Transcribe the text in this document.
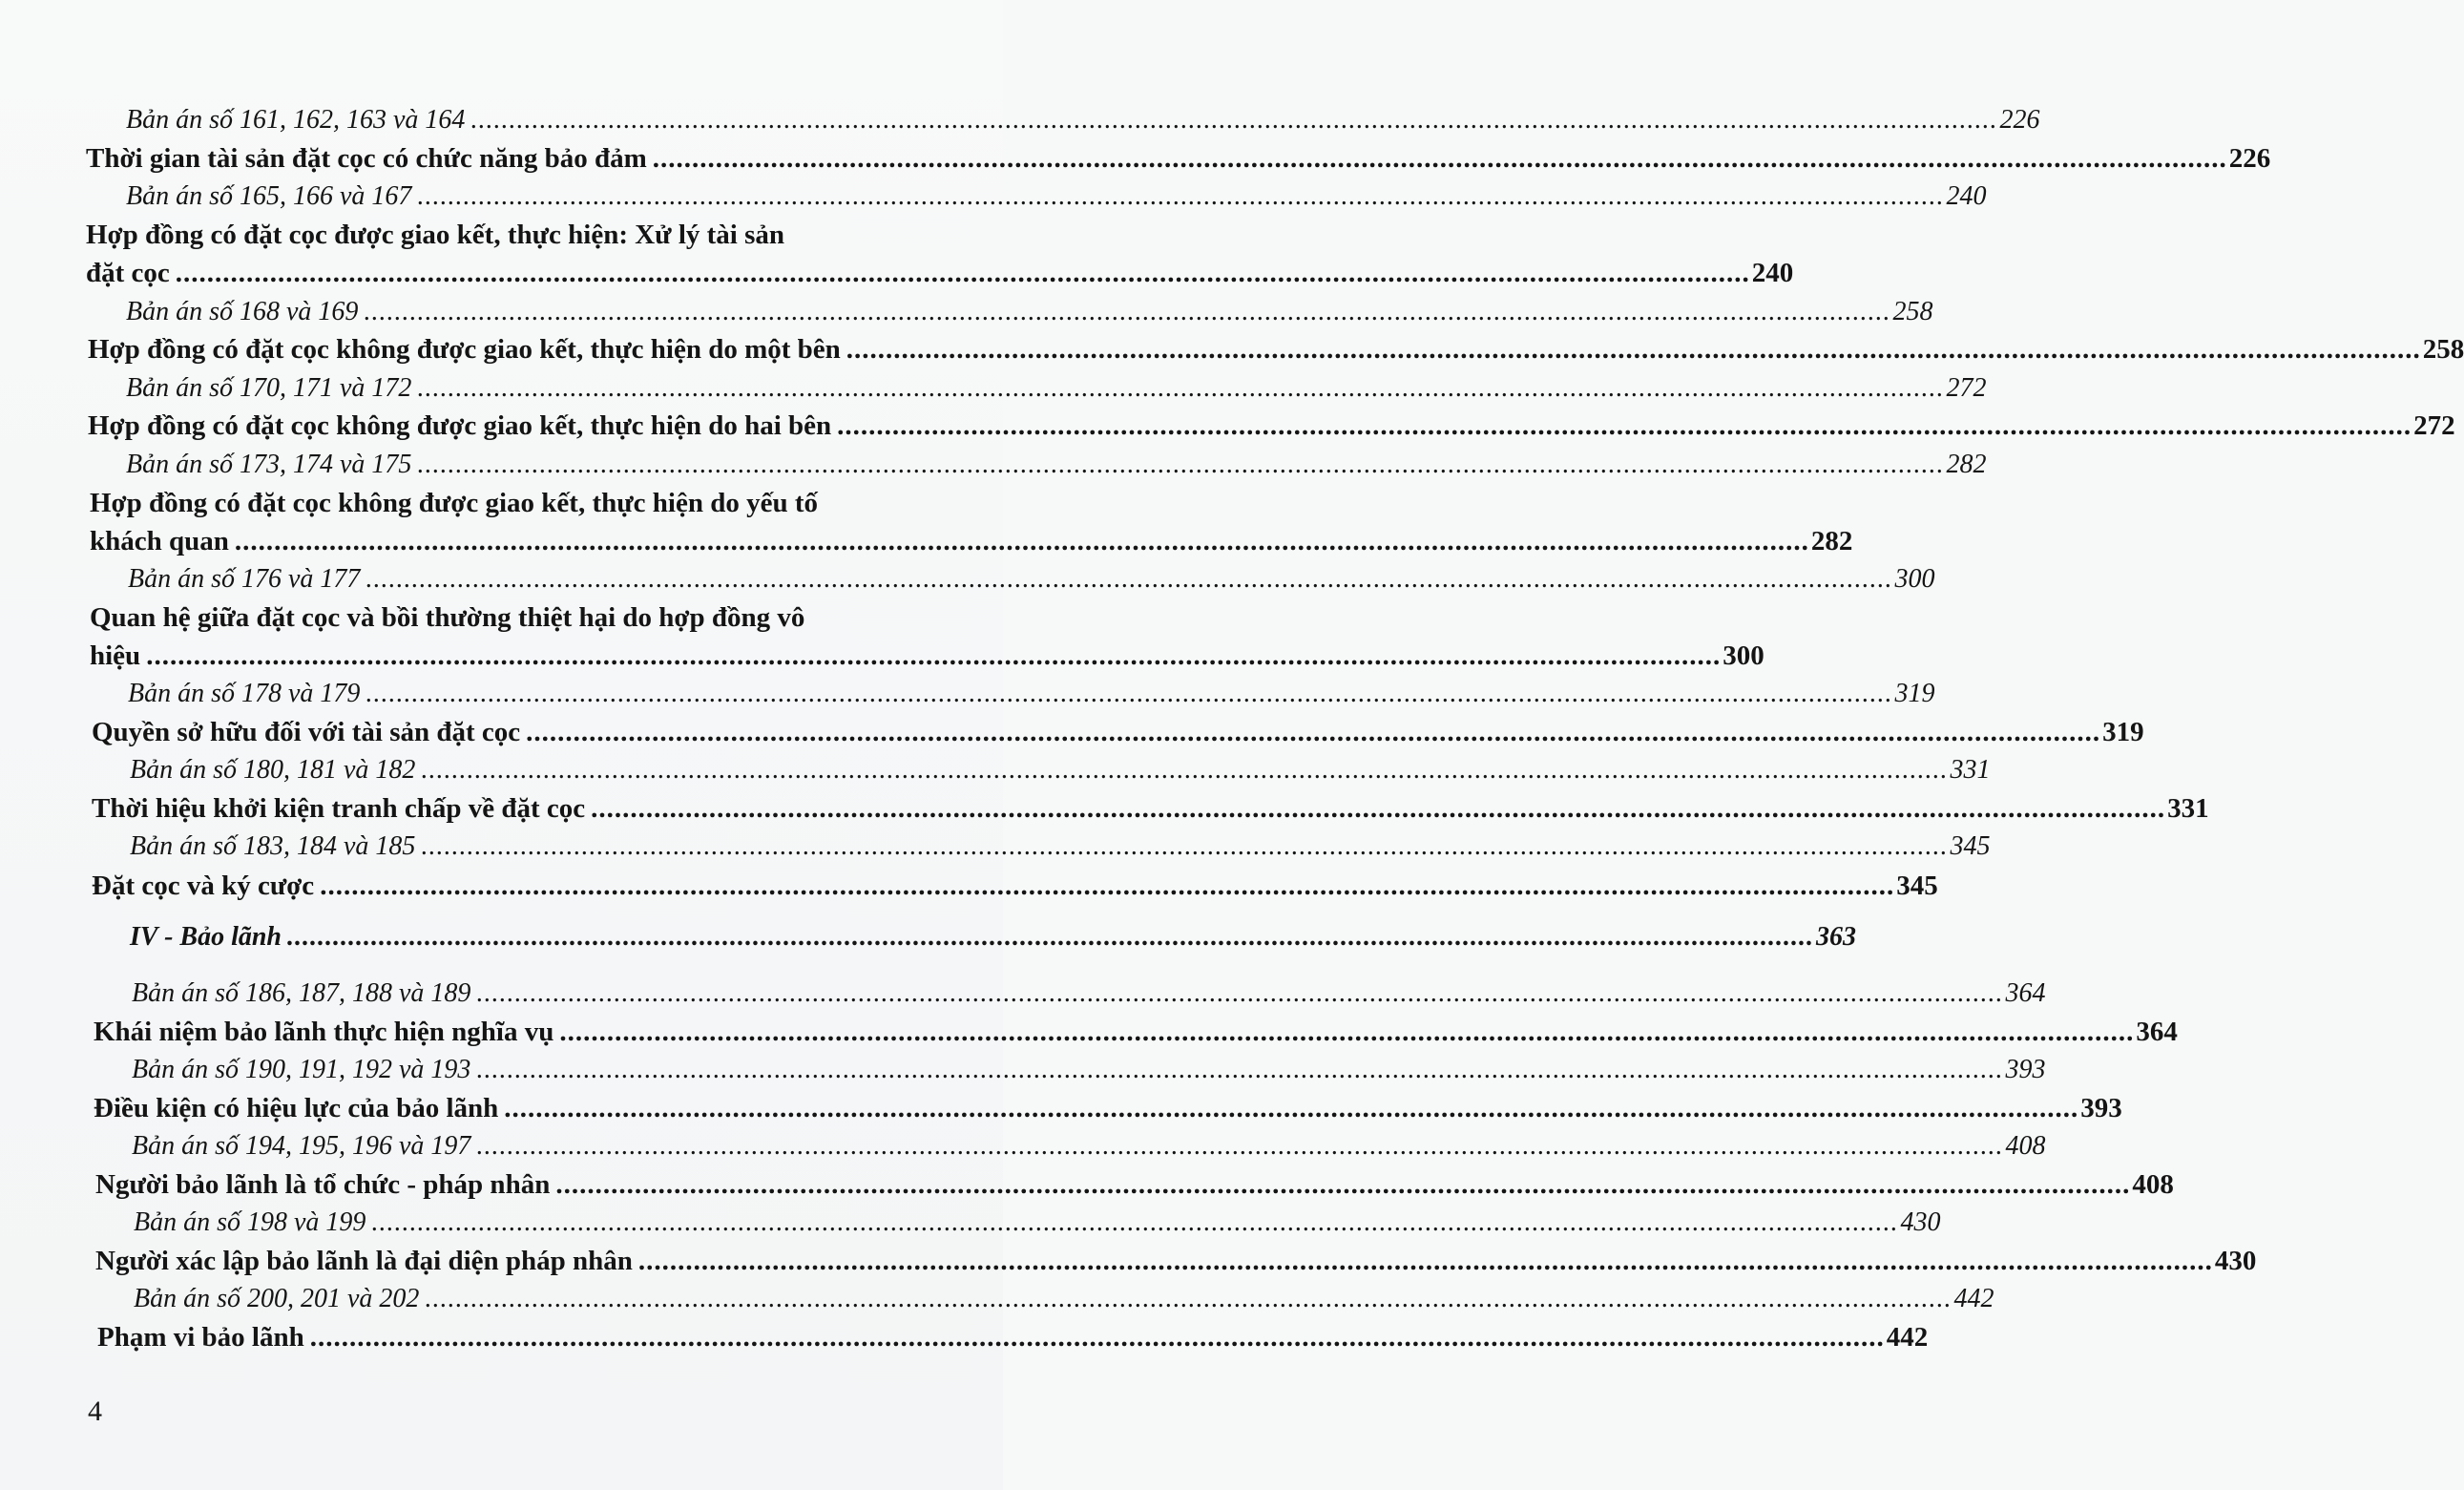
Bản án số 161, 162, 163 và 164 ........................................................................................................................................................................................................ 226
Thời gian tài sản đặt cọc có chức năng bảo đảm ........................................................................................................................................................................................................ 226
Bản án số 165, 166 và 167 ........................................................................................................................................................................................................ 240
Hợp đồng có đặt cọc được giao kết, thực hiện: Xử lý tài sản
đặt cọc ........................................................................................................................................................................................................ 240
Bản án số 168 và 169 ........................................................................................................................................................................................................ 258
Hợp đồng có đặt cọc không được giao kết, thực hiện do một bên ........................................................................................................................................................................................................ 258
Bản án số 170, 171 và 172 ........................................................................................................................................................................................................ 272
Hợp đồng có đặt cọc không được giao kết, thực hiện do hai bên ........................................................................................................................................................................................................ 272
Bản án số 173, 174 và 175 ........................................................................................................................................................................................................ 282
Hợp đồng có đặt cọc không được giao kết, thực hiện do yếu tố
khách quan ........................................................................................................................................................................................................ 282
Bản án số 176 và 177 ........................................................................................................................................................................................................ 300
Quan hệ giữa đặt cọc và bồi thường thiệt hại do hợp đồng vô
hiệu ........................................................................................................................................................................................................ 300
Bản án số 178 và 179 ........................................................................................................................................................................................................ 319
Quyền sở hữu đối với tài sản đặt cọc ........................................................................................................................................................................................................ 319
Bản án số 180, 181 và 182 ........................................................................................................................................................................................................ 331
Thời hiệu khởi kiện tranh chấp về đặt cọc ........................................................................................................................................................................................................ 331
Bản án số 183, 184 và 185 ........................................................................................................................................................................................................ 345
Đặt cọc và ký cược ........................................................................................................................................................................................................ 345
IV - Bảo lãnh ........................................................................................................................................................................................................ 363
Bản án số 186, 187, 188 và 189 ........................................................................................................................................................................................................ 364
Khái niệm bảo lãnh thực hiện nghĩa vụ ........................................................................................................................................................................................................ 364
Bản án số 190, 191, 192 và 193 ........................................................................................................................................................................................................ 393
Điều kiện có hiệu lực của bảo lãnh ........................................................................................................................................................................................................ 393
Bản án số 194, 195, 196 và 197 ........................................................................................................................................................................................................ 408
Người bảo lãnh là tổ chức - pháp nhân ........................................................................................................................................................................................................ 408
Bản án số 198 và 199 ........................................................................................................................................................................................................ 430
Người xác lập bảo lãnh là đại diện pháp nhân ........................................................................................................................................................................................................ 430
Bản án số 200, 201 và 202 ........................................................................................................................................................................................................ 442
Phạm vi bảo lãnh ........................................................................................................................................................................................................ 442
4
